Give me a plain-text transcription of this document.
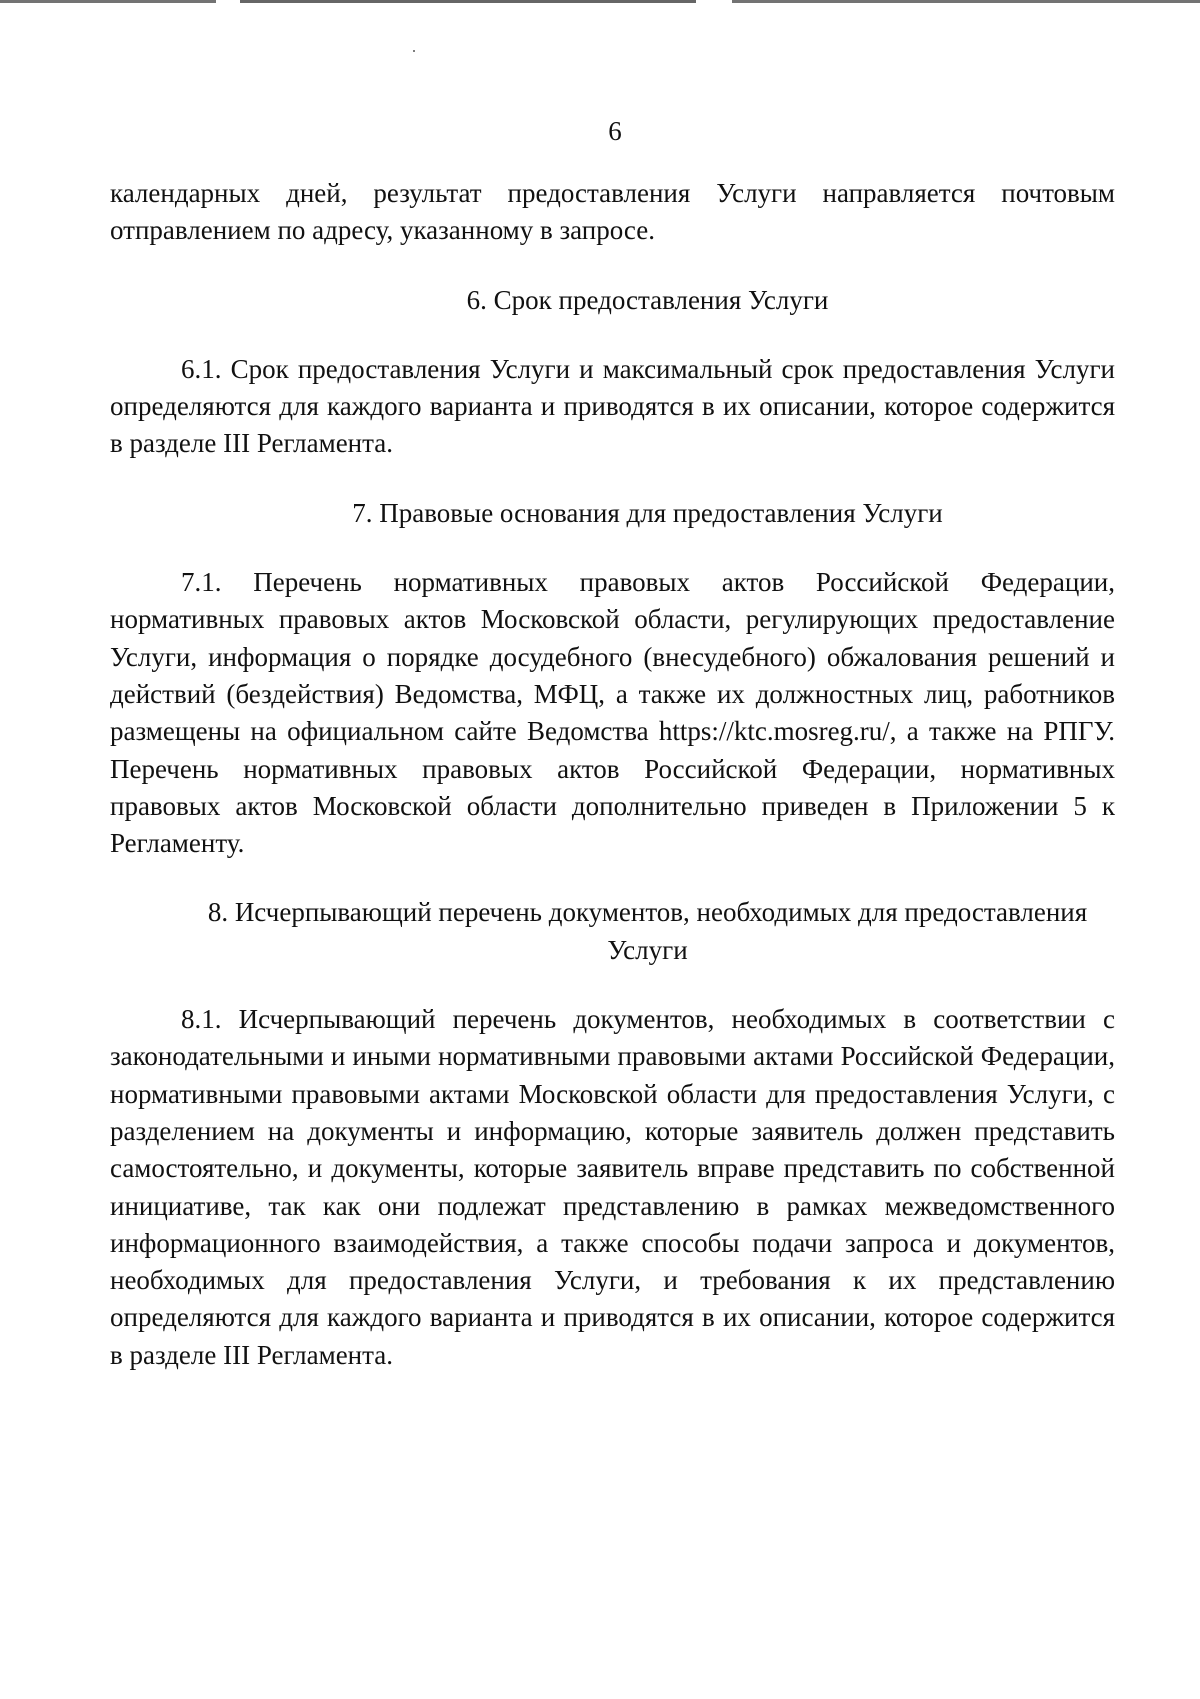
6

календарных дней, результат предоставления Услуги направляется почтовым отправлением по адресу, указанному в запросе.

6. Срок предоставления Услуги

6.1. Срок предоставления Услуги и максимальный срок предоставления Услуги определяются для каждого варианта и приводятся в их описании, которое содержится в разделе III Регламента.

7. Правовые основания для предоставления Услуги

7.1. Перечень нормативных правовых актов Российской Федерации, нормативных правовых актов Московской области, регулирующих предоставление Услуги, информация о порядке досудебного (внесудебного) обжалования решений и действий (бездействия) Ведомства, МФЦ, а также их должностных лиц, работников размещены на официальном сайте Ведомства https://ktc.mosreg.ru/, а также на РПГУ. Перечень нормативных правовых актов Российской Федерации, нормативных правовых актов Московской области дополнительно приведен в Приложении 5 к Регламенту.

8. Исчерпывающий перечень документов, необходимых для предоставления Услуги

8.1. Исчерпывающий перечень документов, необходимых в соответствии с законодательными и иными нормативными правовыми актами Российской Федерации, нормативными правовыми актами Московской области для предоставления Услуги, с разделением на документы и информацию, которые заявитель должен представить самостоятельно, и документы, которые заявитель вправе представить по собственной инициативе, так как они подлежат представлению в рамках межведомственного информационного взаимодействия, а также способы подачи запроса и документов, необходимых для предоставления Услуги, и требования к их представлению определяются для каждого варианта и приводятся в их описании, которое содержится в разделе III Регламента.
